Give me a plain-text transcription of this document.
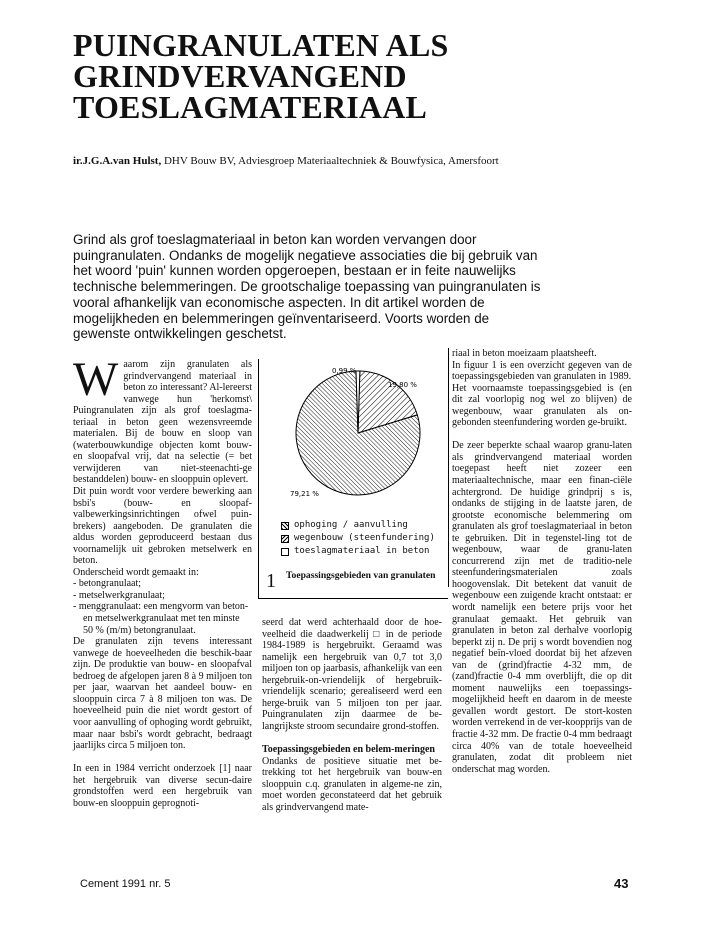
PUINGRANULATEN ALS
GRINDVERVANGEND
TOESLAGMATERIAAL
ir.J.G.A.van Hulst, DHV Bouw BV, Adviesgroep Materiaaltechniek & Bouwfysica, Amersfoort

Grind als grof toeslagmateriaal in beton kan worden vervangen door puingranulaten. Ondanks de mogelijk negatieve associaties die bij gebruik van het woord 'puin' kunnen worden opgeroepen, bestaan er in feite nauwelijks technische belemmeringen. De grootschalige toepassing van puingranulaten is vooral afhankelijk van economische aspecten. In dit artikel worden de mogelijkheden en belemmeringen geïnventariseerd. Voorts worden de gewenste ontwikkelingen geschetst.

Waarom zijn granulaten als grindvervangend materiaal in beton zo interessant? Al-lereerst vanwege hun 'herkomst\ Puingranulaten zijn als grof toeslagma-teriaal in beton geen wezensvreemde materialen. Bij de bouw en sloop van (waterbouwkundige objecten komt bouw- en sloopafval vrij, dat na selectie (= bet verwijderen van niet-steenachti-ge bestanddelen) bouw- en slooppuin oplevert.

Dit puin wordt voor verdere bewerking aan bsbi's (bouw- en sloopaf-valbewerkingsinrichtingen ofwel puin-brekers) aangeboden. De granulaten die aldus worden geproduceerd bestaan dus voornamelijk uit gebroken metselwerk en beton.

Onderscheid wordt gemaakt in:

- betongranulaat;

- metselwerkgranulaat;

- menggranulaat: een mengvorm van beton- en metselwerkgranulaat met ten minste 50 % (m/m) betongranulaat.

De granulaten zijn tevens interessant vanwege de hoeveelheden die beschik-baar zijn. De produktie van bouw- en sloopafval bedroeg de afgelopen jaren 8 à 9 miljoen ton per jaar, waarvan het aandeel bouw- en slooppuin circa 7 à 8 miljoen ton was. De hoeveelheid puin die niet wordt gestort of voor aanvulling of ophoging wordt gebruikt, maar naar bsbi's wordt gebracht, bedraagt jaarlijks circa 5 miljoen ton.

In een in 1984 verricht onderzoek [1] naar het hergebruik van diverse secun-daire grondstoffen werd een hergebruik van bouw-en slooppuin geprognoti-

19,80 %
79,21 %
0,99 %
ophoging / aanvulling
wegenbouw (steenfundering)
toeslagmateriaal in beton
1 Toepassingsgebieden van granulaten

seerd dat werd achterhaald door de hoe-veelheid die daadwerkelij □ in de periode 1984-1989 is hergebruikt. Geraamd was namelijk een hergebruik van 0,7 tot 3,0 miljoen ton op jaarbasis, afhankelijk van een hergebruik-on-vriendelijk of hergebruik-vriendelijk scenario; gerealiseerd werd een herge-bruik van 5 miljoen ton per jaar. Puingranulaten zijn daarmee de be-langrijkste stroom secundaire grond-stoffen.

Toepassingsgebieden en belem-meringen

Ondanks de positieve situatie met be-trekking tot het hergebruik van bouw-en slooppuin c.q. granulaten in algeme-ne zin, moet worden geconstateerd dat het gebruik als grindvervangend mate-

riaal in beton moeizaam plaatsheeft.

In figuur 1 is een overzicht gegeven van de toepassingsgebieden van granulaten in 1989.

Het voornaamste toepassingsgebied is (en dit zal voorlopig nog wel zo blijven) de wegenbouw, waar granulaten als on-gebonden steenfundering worden ge-bruikt.

De zeer beperkte schaal waarop granu-laten als grindvervangend materiaal worden toegepast heeft niet zozeer een materiaaltechnische, maar een finan-ciële achtergrond. De huidige grindprij s is, ondanks de stijging in de laatste jaren, de grootste economische belemmering om granulaten als grof toeslagmateriaal in beton te gebruiken. Dit in tegenstel-ling tot de wegenbouw, waar de granu-laten concurrerend zijn met de traditio-nele steenfunderingsmaterialen zoals hoogovenslak. Dit betekent dat vanuit de wegenbouw een zuigende kracht ontstaat: er wordt namelijk een betere prijs voor het granulaat gemaakt. Het gebruik van granulaten in beton zal derhalve voorlopig beperkt zij n. De prij s wordt bovendien nog negatief beïn-vloed doordat bij het afzeven van de (grind)fractie 4-32 mm, de (zand)fractie 0-4 mm overblijft, die op dit moment nauwelijks een toepassings-mogelijkheid heeft en daarom in de meeste gevallen wordt gestort. De stort-kosten worden verrekend in de ver-koopprijs van de fractie 4-32 mm. De fractie 0-4 mm bedraagt circa 40% van de totale hoeveelheid granulaten, zodat dit probleem niet onderschat mag worden.

Cement 1991 nr. 5	43
